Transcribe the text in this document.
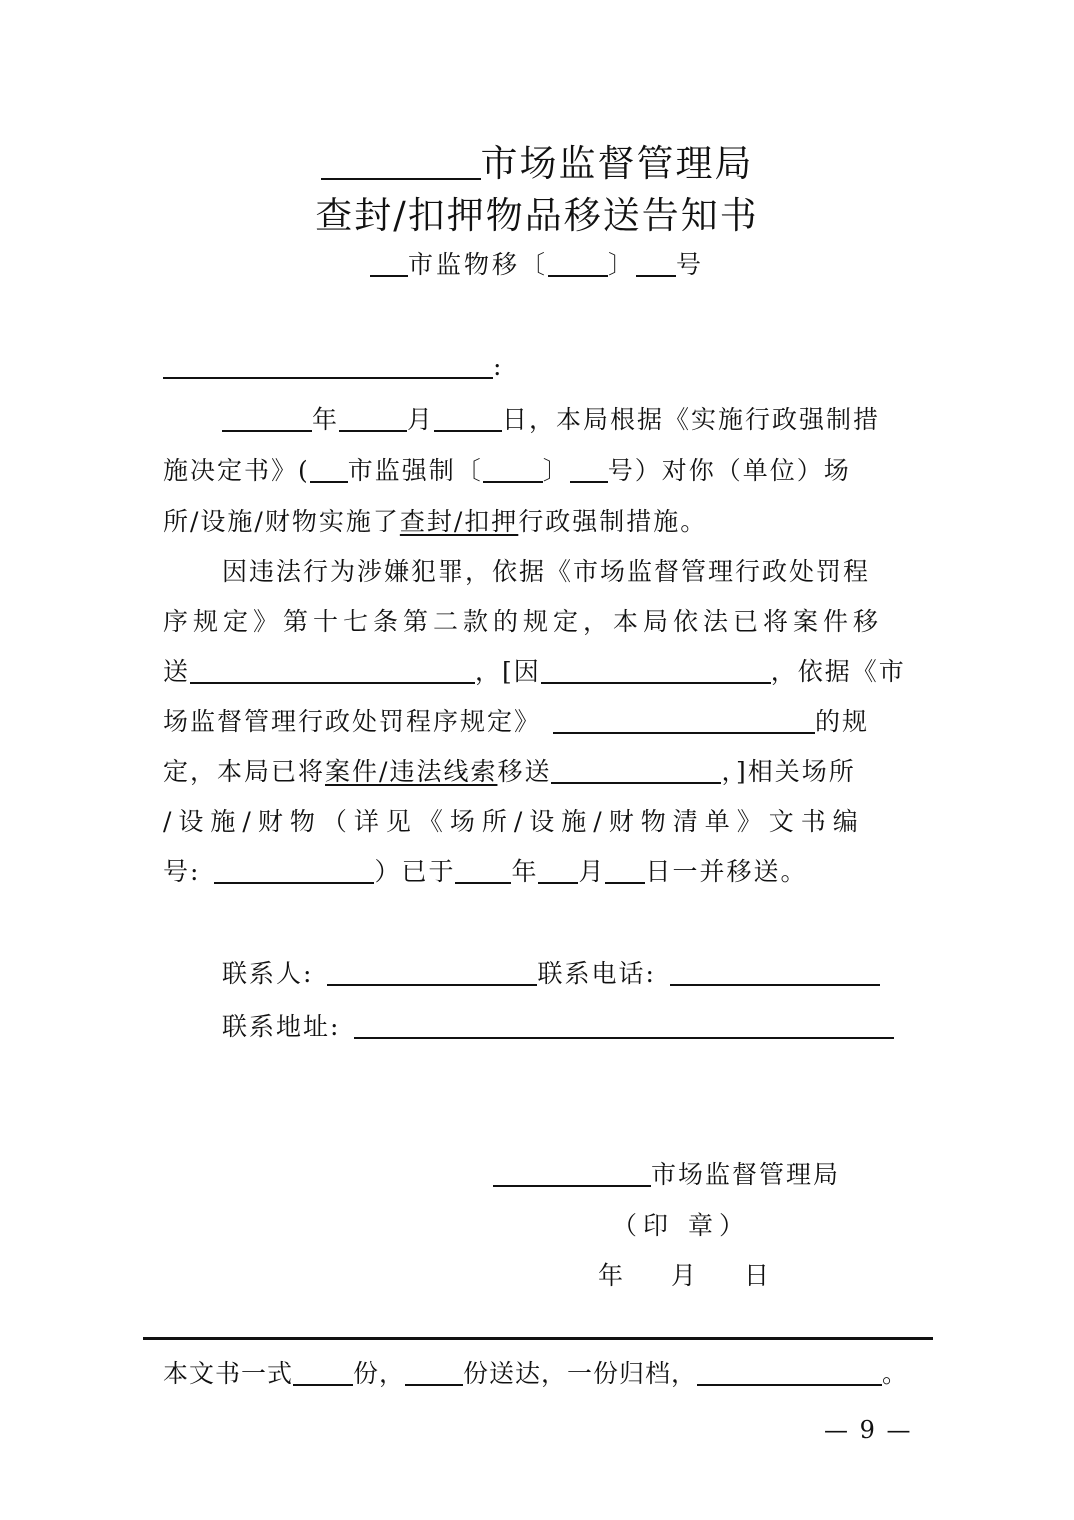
市场监督管理局
查封/扣押物品移送告知书
市监物移〔 〕 号
:
年	月	日，本局根据《实施行政强制措
施决定书》( 市监强制〔 〕 号）对你（单位）场
所/设施/财物实施了查封/扣押行政强制措施。
因违法行为涉嫌犯罪，依据《市场监督管理行政处罚程
序规定》第十七条第二款的规定，本局依法已将案件移
送	，[因	，依据《市
场监督管理行政处罚程序规定》	的规
定，本局已将案件/违法线索移送	，]相关场所
/设施/财物（详见《场所/设施/财物清单》文书编
号:	）已于 年 月 日一并移送。
联系人:	联系电话:
联系地址:
市场监督管理局
（印 章）
年 月 日
本文书一式 份， 份送达，一份归档，	。
— 9 —
